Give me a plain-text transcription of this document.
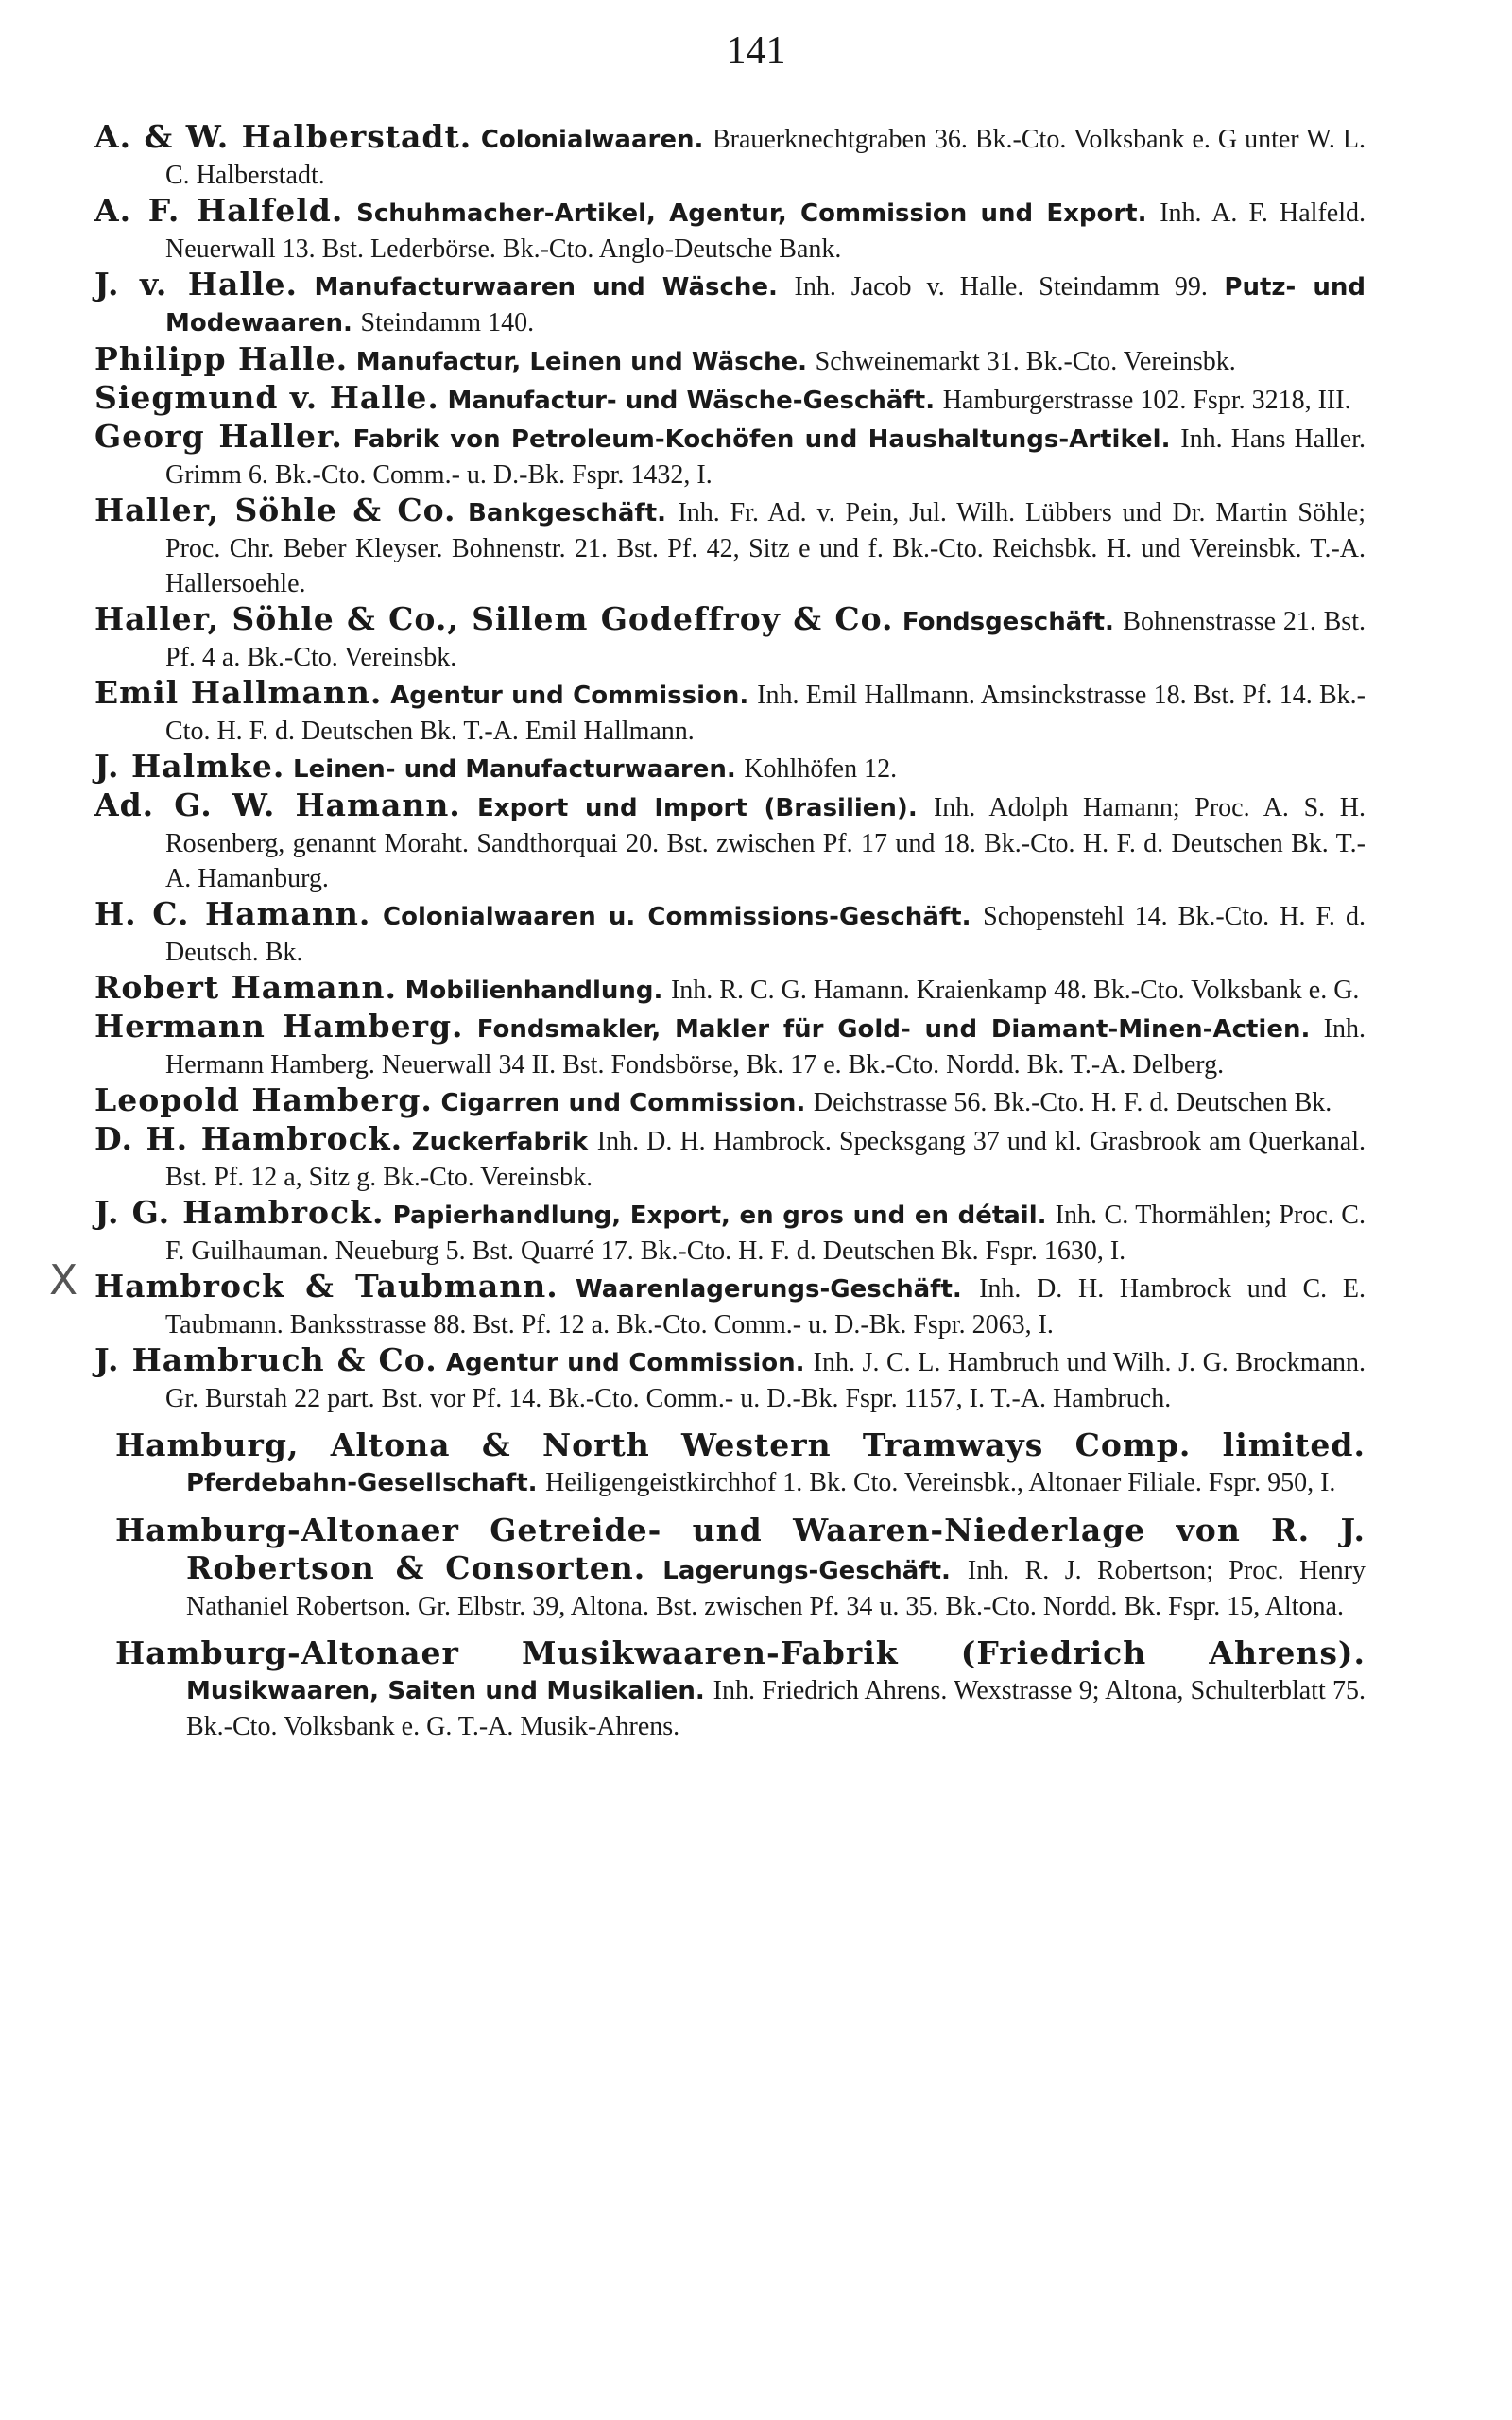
141
A. & W. Halberstadt. Colonialwaaren. Brauerknechtgraben 36. Bk.-Cto. Volksbank e. G unter W. L. C. Halberstadt.
A. F. Halfeld. Schuhmacher-Artikel, Agentur, Commission und Export. Inh. A. F. Halfeld. Neuerwall 13. Bst. Lederbörse. Bk.-Cto. Anglo-Deutsche Bank.
J. v. Halle. Manufacturwaaren und Wäsche. Inh. Jacob v. Halle. Steindamm 99. Putz- und Modewaaren. Steindamm 140.
Philipp Halle. Manufactur, Leinen und Wäsche. Schweinemarkt 31. Bk.-Cto. Vereinsbk.
Siegmund v. Halle. Manufactur- und Wäsche-Geschäft. Hamburgerstrasse 102. Fspr. 3218, III.
Georg Haller. Fabrik von Petroleum-Kochöfen und Haushaltungs-Artikel. Inh. Hans Haller. Grimm 6. Bk.-Cto. Comm.- u. D.-Bk. Fspr. 1432, I.
Haller, Söhle & Co. Bankgeschäft. Inh. Fr. Ad. v. Pein, Jul. Wilh. Lübbers und Dr. Martin Söhle; Proc. Chr. Beber Kleyser. Bohnenstr. 21. Bst. Pf. 42, Sitz e und f. Bk.-Cto. Reichsbk. H. und Vereinsbk. T.-A. Hallersoehle.
Haller, Söhle & Co., Sillem Godeffroy & Co. Fondsgeschäft. Bohnenstrasse 21. Bst. Pf. 4 a. Bk.-Cto. Vereinsbk.
Emil Hallmann. Agentur und Commission. Inh. Emil Hallmann. Amsinckstrasse 18. Bst. Pf. 14. Bk.-Cto. H. F. d. Deutschen Bk. T.-A. Emil Hallmann.
J. Halmke. Leinen- und Manufacturwaaren. Kohlhöfen 12.
Ad. G. W. Hamann. Export und Import (Brasilien). Inh. Adolph Hamann; Proc. A. S. H. Rosenberg, genannt Moraht. Sandthorquai 20. Bst. zwischen Pf. 17 und 18. Bk.-Cto. H. F. d. Deutschen Bk. T.-A. Hamanburg.
H. C. Hamann. Colonialwaaren u. Commissions-Geschäft. Schopenstehl 14. Bk.-Cto. H. F. d. Deutsch. Bk.
Robert Hamann. Mobilienhandlung. Inh. R. C. G. Hamann. Kraienkamp 48. Bk.-Cto. Volksbank e. G.
Hermann Hamberg. Fondsmakler, Makler für Gold- und Diamant-Minen-Actien. Inh. Hermann Hamberg. Neuerwall 34 II. Bst. Fondsbörse, Bk. 17 e. Bk.-Cto. Nordd. Bk. T.-A. Delberg.
Leopold Hamberg. Cigarren und Commission. Deichstrasse 56. Bk.-Cto. H. F. d. Deutschen Bk.
D. H. Hambrock. Zuckerfabrik Inh. D. H. Hambrock. Specksgang 37 und kl. Grasbrook am Querkanal. Bst. Pf. 12 a, Sitz g. Bk.-Cto. Vereinsbk.
J. G. Hambrock. Papierhandlung, Export, en gros und en détail. Inh. C. Thormählen; Proc. C. F. Guilhauman. Neueburg 5. Bst. Quarré 17. Bk.-Cto. H. F. d. Deutschen Bk. Fspr. 1630, I.
X Hambrock & Taubmann. Waarenlagerungs-Geschäft. Inh. D. H. Hambrock und C. E. Taubmann. Banksstrasse 88. Bst. Pf. 12 a. Bk.-Cto. Comm.- u. D.-Bk. Fspr. 2063, I.
J. Hambruch & Co. Agentur und Commission. Inh. J. C. L. Hambruch und Wilh. J. G. Brockmann. Gr. Burstah 22 part. Bst. vor Pf. 14. Bk.-Cto. Comm.- u. D.-Bk. Fspr. 1157, I. T.-A. Hambruch.
Hamburg, Altona & North Western Tramways Comp. limited. Pferdebahn-Gesellschaft. Heiligengeistkirchhof 1. Bk. Cto. Vereinsbk., Altonaer Filiale. Fspr. 950, I.
Hamburg-Altonaer Getreide- und Waaren-Niederlage von R. J. Robertson & Consorten. Lagerungs-Geschäft. Inh. R. J. Robertson; Proc. Henry Nathaniel Robertson. Gr. Elbstr. 39, Altona. Bst. zwischen Pf. 34 u. 35. Bk.-Cto. Nordd. Bk. Fspr. 15, Altona.
Hamburg-Altonaer Musikwaaren-Fabrik (Friedrich Ahrens). Musikwaaren, Saiten und Musikalien. Inh. Friedrich Ahrens. Wexstrasse 9; Altona, Schulterblatt 75. Bk.-Cto. Volksbank e. G. T.-A. Musik-Ahrens.
